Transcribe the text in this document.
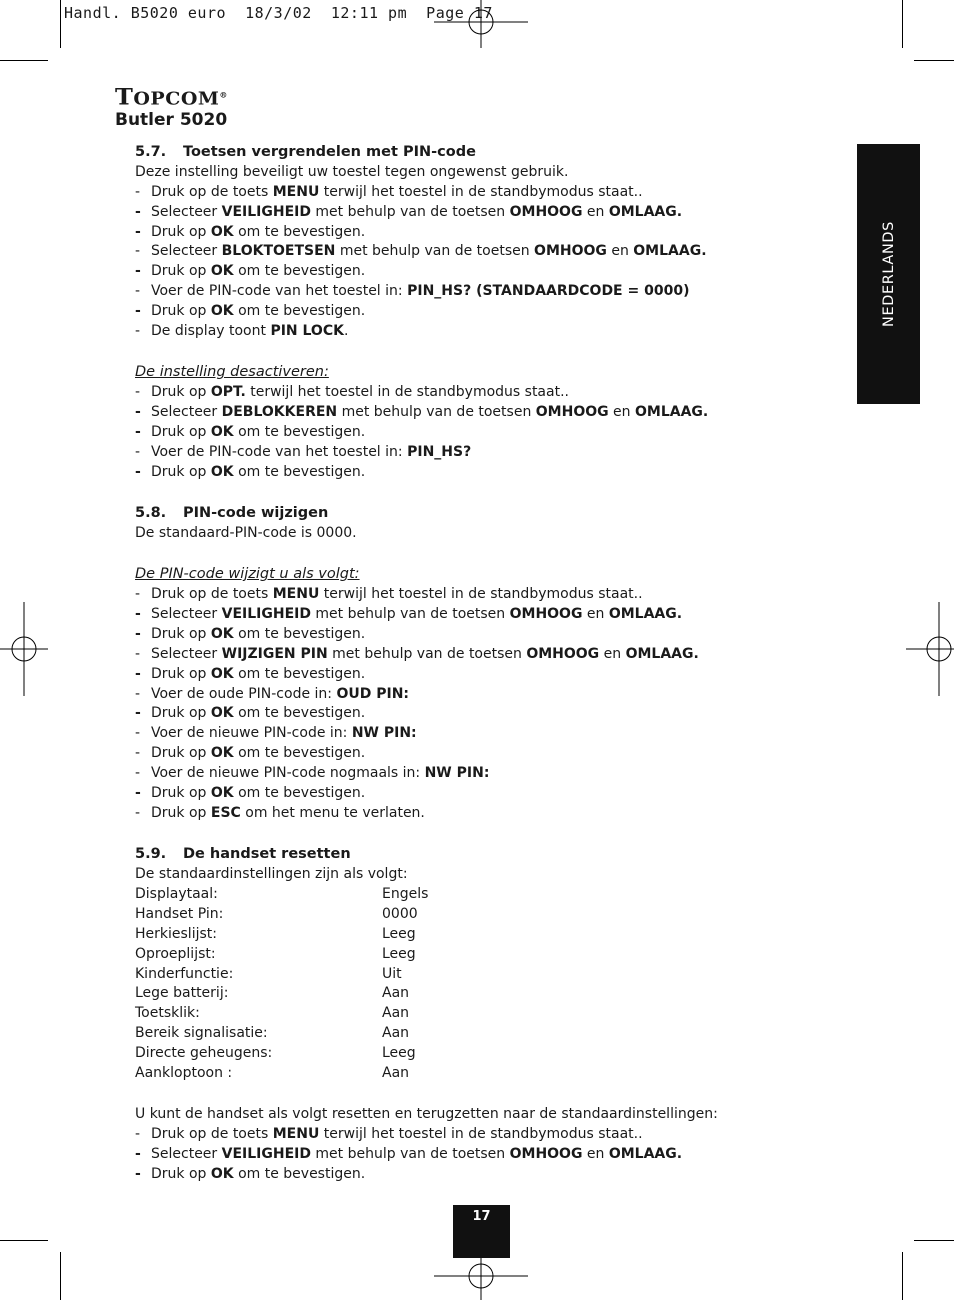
Handl. B5020 euro  18/3/02  12:11 pm  Page 17
TOPCOM®
Butler 5020
NEDERLANDS
5.7. Toetsen vergrendelen met PIN-code
Deze instelling beveiligt uw toestel tegen ongewenst gebruik.
- Druk op de toets MENU terwijl het toestel in de standbymodus staat..
- Selecteer VEILIGHEID met behulp van de toetsen OMHOOG en OMLAAG.
- Druk op OK om te bevestigen.
- Selecteer BLOKTOETSEN met behulp van de toetsen OMHOOG en OMLAAG.
- Druk op OK om te bevestigen.
- Voer de PIN-code van het toestel in: PIN_HS? (STANDAARDCODE = 0000)
- Druk op OK om te bevestigen.
- De display toont PIN LOCK.
De instelling desactiveren:
- Druk op OPT. terwijl het toestel in de standbymodus staat..
- Selecteer DEBLOKKEREN met behulp van de toetsen OMHOOG en OMLAAG.
- Druk op OK om te bevestigen.
- Voer de PIN-code van het toestel in: PIN_HS?
- Druk op OK om te bevestigen.
5.8. PIN-code wijzigen
De standaard-PIN-code is 0000.
De PIN-code wijzigt u als volgt:
- Druk op de toets MENU terwijl het toestel in de standbymodus staat..
- Selecteer VEILIGHEID met behulp van de toetsen OMHOOG en OMLAAG.
- Druk op OK om te bevestigen.
- Selecteer WIJZIGEN PIN met behulp van de toetsen OMHOOG en OMLAAG.
- Druk op OK om te bevestigen.
- Voer de oude PIN-code in: OUD PIN:
- Druk op OK om te bevestigen.
- Voer de nieuwe PIN-code in: NW PIN:
- Druk op OK om te bevestigen.
- Voer de nieuwe PIN-code nogmaals in: NW PIN:
- Druk op OK om te bevestigen.
- Druk op ESC om het menu te verlaten.
5.9. De handset resetten
De standaardinstellingen zijn als volgt:
Displaytaal:	Engels
Handset Pin:	0000
Herkieslijst:	Leeg
Oproeplijst:	Leeg
Kinderfunctie:	Uit
Lege batterij:	Aan
Toetsklik:	Aan
Bereik signalisatie:	Aan
Directe geheugens:	Leeg
Aankloptoon :	Aan
U kunt de handset als volgt resetten en terugzetten naar de standaardinstellingen:
- Druk op de toets MENU terwijl het toestel in de standbymodus staat..
- Selecteer VEILIGHEID met behulp van de toetsen OMHOOG en OMLAAG.
- Druk op OK om te bevestigen.
17
